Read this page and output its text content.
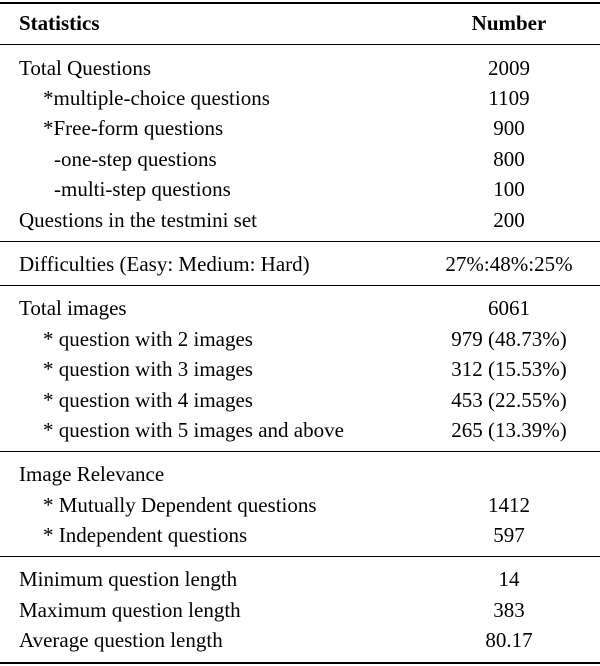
Statistics	Number
Total Questions	2009
*multiple-choice questions	1109
*Free-form questions	900
-one-step questions	800
-multi-step questions	100
Questions in the testmini set	200
Difficulties (Easy: Medium: Hard)	27%:48%:25%
Total images	6061
* question with 2 images	979 (48.73%)
* question with 3 images	312 (15.53%)
* question with 4 images	453 (22.55%)
* question with 5 images and above	265 (13.39%)
Image Relevance
* Mutually Dependent questions	1412
* Independent questions	597
Minimum question length	14
Maximum question length	383
Average question length	80.17
